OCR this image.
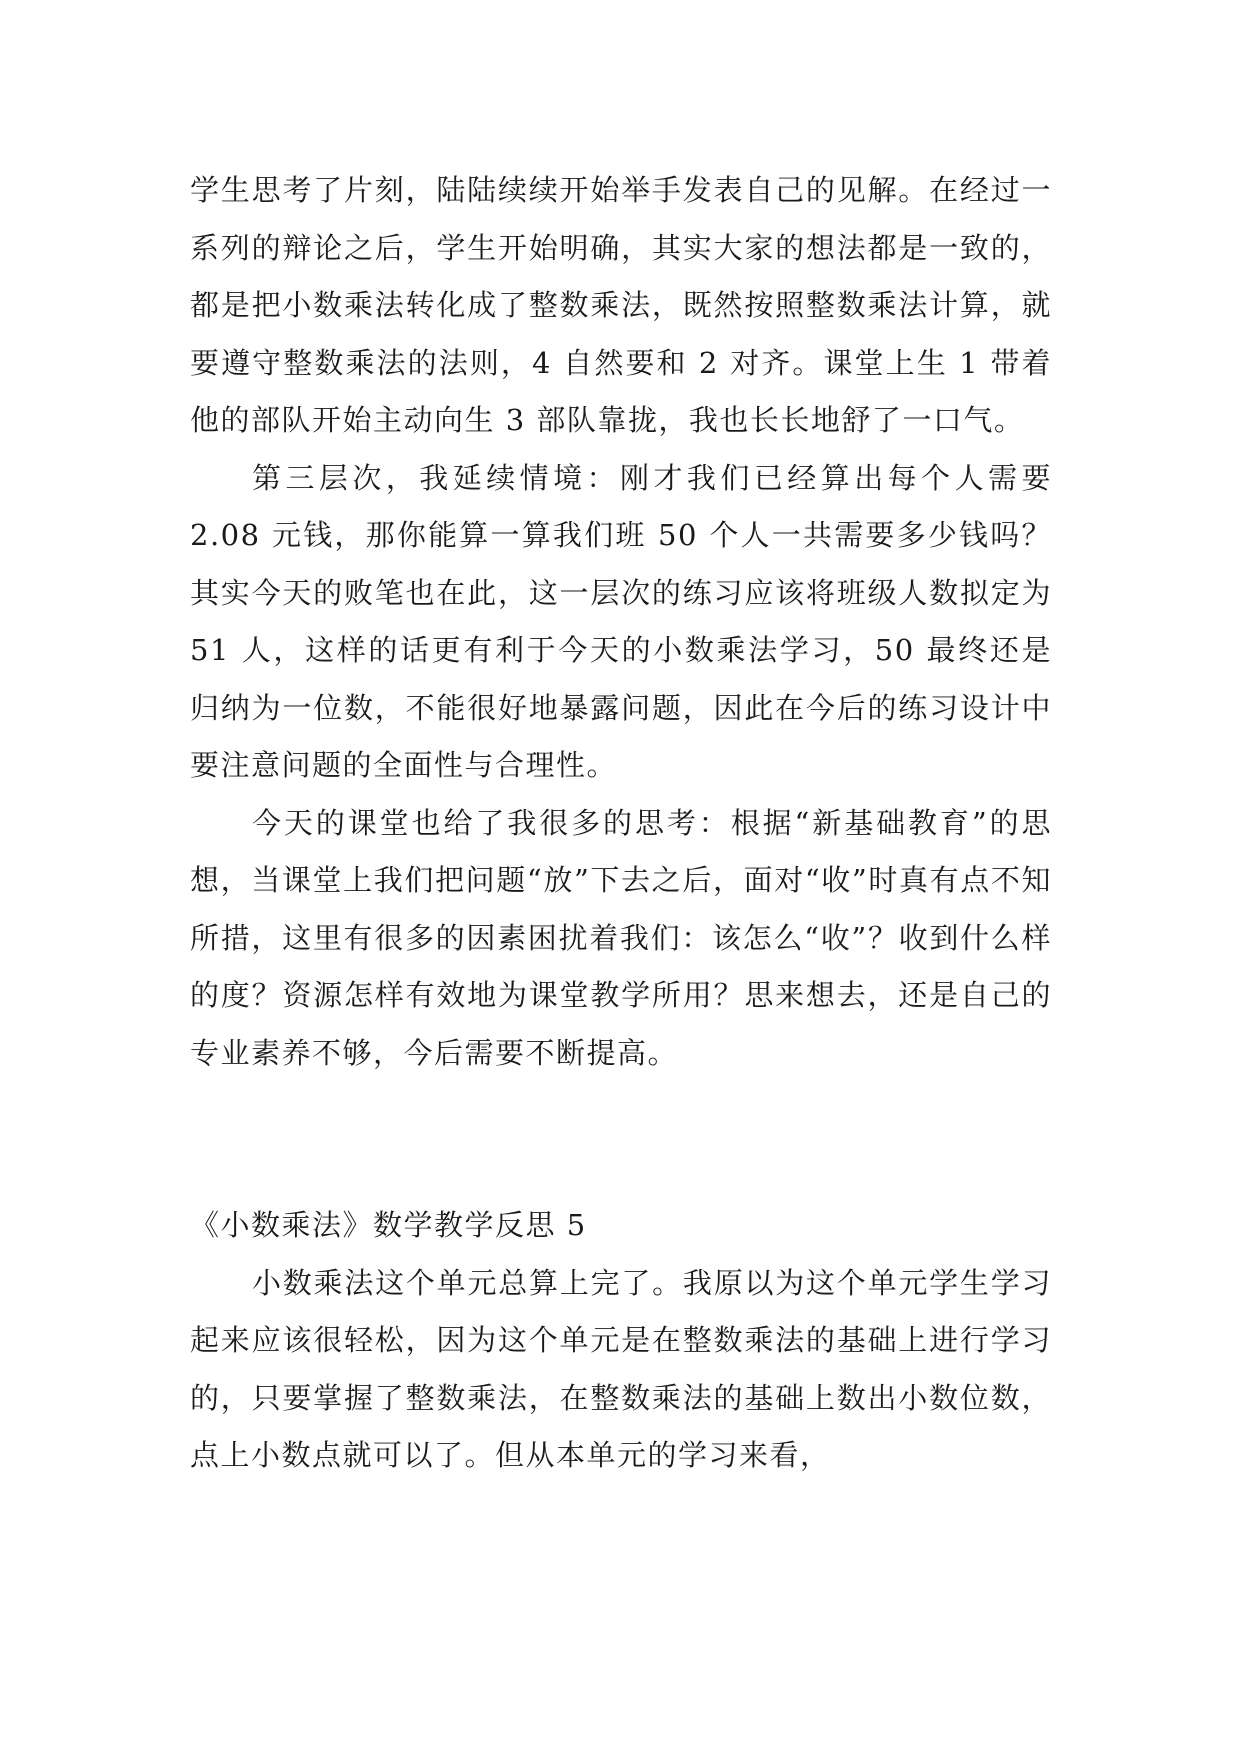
学生思考了片刻，陆陆续续开始举手发表自己的见解。在经过一系列的辩论之后，学生开始明确，其实大家的想法都是一致的，都是把小数乘法转化成了整数乘法，既然按照整数乘法计算，就要遵守整数乘法的法则，4 自然要和 2 对齐。课堂上生 1 带着他的部队开始主动向生 3 部队靠拢，我也长长地舒了一口气。

第三层次，我延续情境：刚才我们已经算出每个人需要2.08 元钱，那你能算一算我们班 50 个人一共需要多少钱吗？其实今天的败笔也在此，这一层次的练习应该将班级人数拟定为 51 人，这样的话更有利于今天的小数乘法学习，50 最终还是归纳为一位数，不能很好地暴露问题，因此在今后的练习设计中要注意问题的全面性与合理性。

今天的课堂也给了我很多的思考：根据“新基础教育”的思想，当课堂上我们把问题“放”下去之后，面对“收”时真有点不知所措，这里有很多的因素困扰着我们：该怎么“收”？收到什么样的度？资源怎样有效地为课堂教学所用？思来想去，还是自己的专业素养不够，今后需要不断提高。

《小数乘法》数学教学反思 5

小数乘法这个单元总算上完了。我原以为这个单元学生学习起来应该很轻松，因为这个单元是在整数乘法的基础上进行学习的，只要掌握了整数乘法，在整数乘法的基础上数出小数位数，点上小数点就可以了。但从本单元的学习来看，
